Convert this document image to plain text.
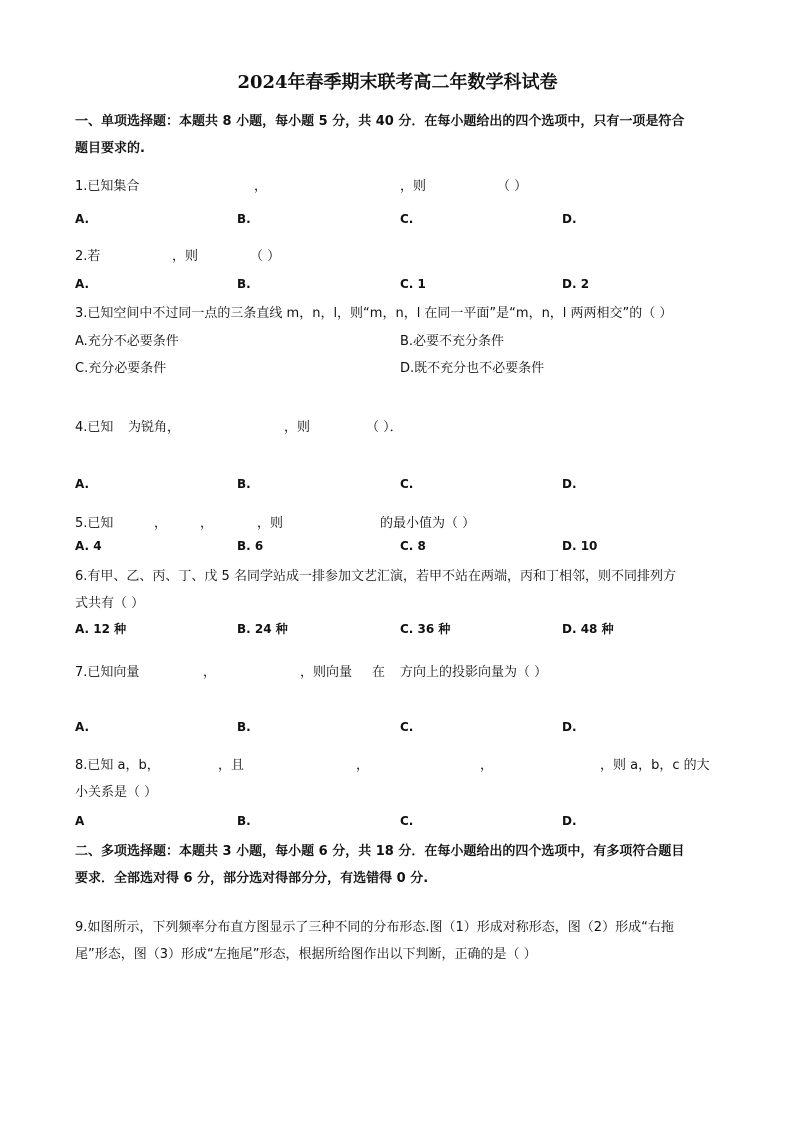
2024年春季期末联考高二年数学科试卷
一、单项选择题：本题共 8 小题，每小题 5 分，共 40 分．在每小题给出的四个选项中，只有一项是符合
题目要求的.
1.已知集合	，	，则	（ ）
A.	B.	C.	D.
2.若	，则	（ ）
A.	B.	C. 1	D. 2
3.已知空间中不过同一点的三条直线 m，n，l，则“m，n，l 在同一平面”是“m，n，l 两两相交”的（ ）
A.充分不必要条件	B.必要不充分条件
C.充分必要条件	D.既不充分也不必要条件
4.已知 为锐角，	，则	（ ）．
A.	B.	C.	D.
5.已知	，	，	，则	的最小值为（ ）
A. 4	B. 6	C. 8	D. 10
6.有甲、乙、丙、丁、戊 5 名同学站成一排参加文艺汇演，若甲不站在两端，丙和丁相邻，则不同排列方
式共有（ ）
A. 12 种	B. 24 种	C. 36 种	D. 48 种
7.已知向量	，	，则向量 在 方向上的投影向量为（ ）
A.	B.	C.	D.
8.已知 a，b，	，且	，	，	，则 a，b，c 的大
小关系是（ ）
A	B.	C.	D.
二、多项选择题：本题共 3 小题，每小题 6 分，共 18 分．在每小题给出的四个选项中，有多项符合题目
要求．全部选对得 6 分，部分选对得部分分，有选错得 0 分.
9.如图所示，下列频率分布直方图显示了三种不同的分布形态.图（1）形成对称形态，图（2）形成“右拖
尾”形态，图（3）形成“左拖尾”形态，根据所给图作出以下判断，正确的是（ ）
